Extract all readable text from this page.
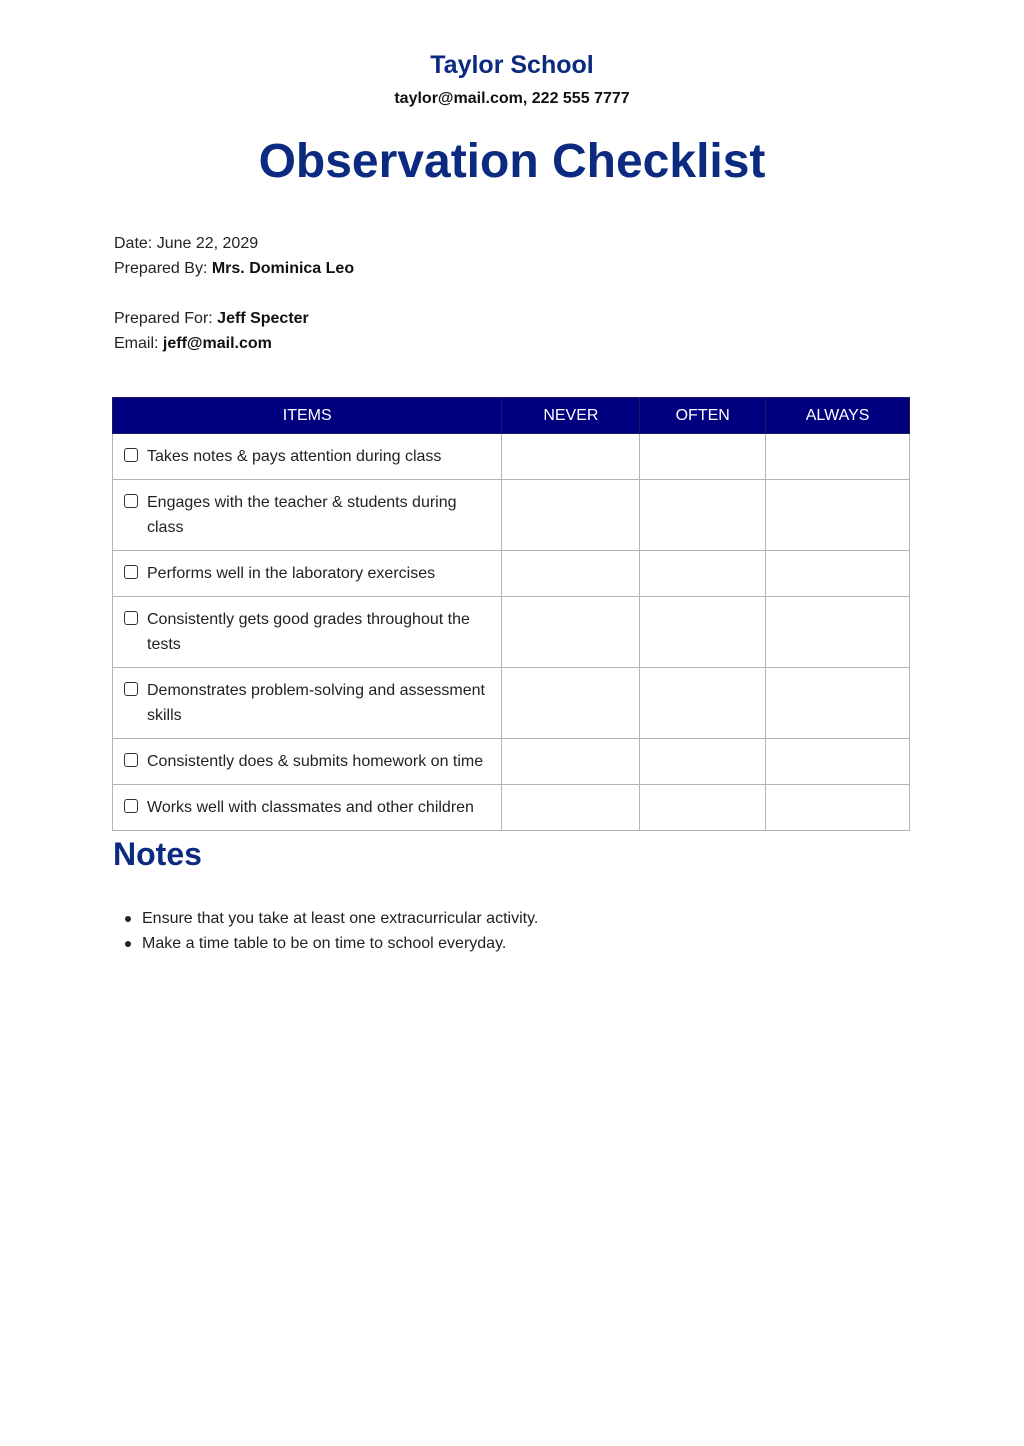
Taylor School
taylor@mail.com, 222 555 7777
Observation Checklist
Date: June 22, 2029
Prepared By: Mrs. Dominica Leo
Prepared For: Jeff Specter
Email: jeff@mail.com
ITEMS	NEVER	OFTEN	ALWAYS

Takes notes & pays attention during class			

Engages with the teacher & students during class			

Performs well in the laboratory exercises			

Consistently gets good grades throughout the tests			

Demonstrates problem-solving and assessment skills			

Consistently does & submits homework on time			

Works well with classmates and other children			

Notes
Ensure that you take at least one extracurricular activity.
Make a time table to be on time to school everyday.
